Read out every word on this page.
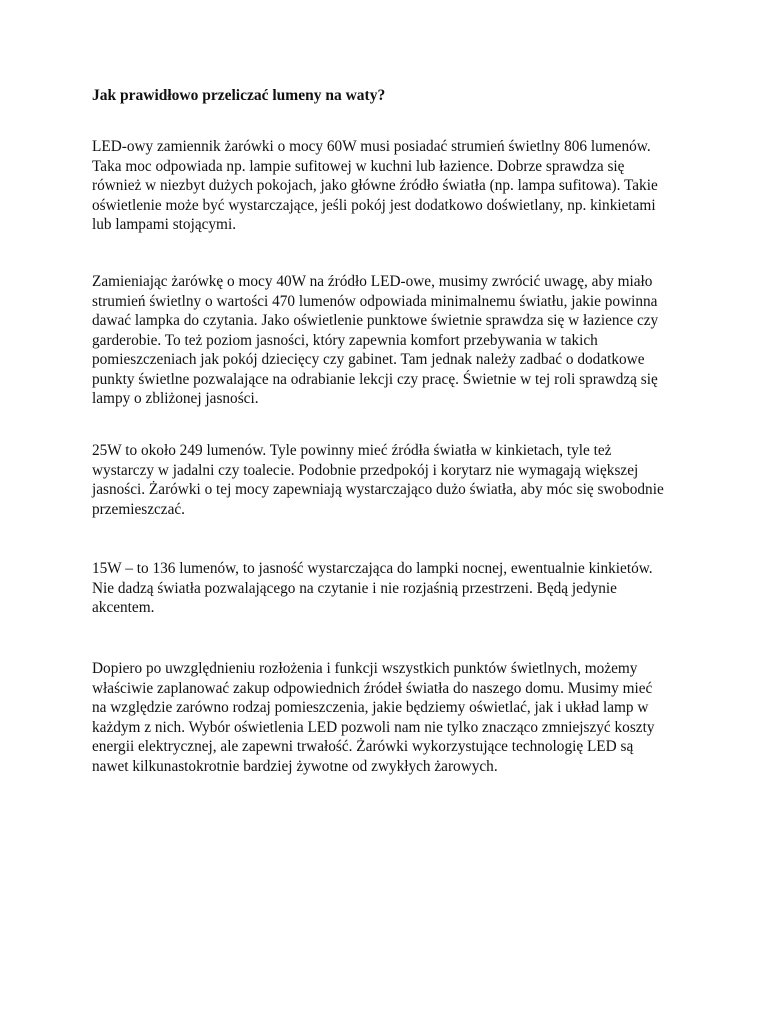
Jak prawidłowo przeliczać lumeny na waty?

LED-owy zamiennik żarówki o mocy 60W musi posiadać strumień świetlny 806 lumenów.
Taka moc odpowiada np. lampie sufitowej w kuchni lub łazience. Dobrze sprawdza się
również w niezbyt dużych pokojach, jako główne źródło światła (np. lampa sufitowa). Takie
oświetlenie może być wystarczające, jeśli pokój jest dodatkowo doświetlany, np. kinkietami
lub lampami stojącymi.

Zamieniając żarówkę o mocy 40W na źródło LED-owe, musimy zwrócić uwagę, aby miało
strumień świetlny o wartości 470 lumenów odpowiada minimalnemu światłu, jakie powinna
dawać lampka do czytania. Jako oświetlenie punktowe świetnie sprawdza się w łazience czy
garderobie. To też poziom jasności, który zapewnia komfort przebywania w takich
pomieszczeniach jak pokój dziecięcy czy gabinet. Tam jednak należy zadbać o dodatkowe
punkty świetlne pozwalające na odrabianie lekcji czy pracę. Świetnie w tej roli sprawdzą się
lampy o zbliżonej jasności.

25W to około 249 lumenów. Tyle powinny mieć źródła światła w kinkietach, tyle też
wystarczy w jadalni czy toalecie. Podobnie przedpokój i korytarz nie wymagają większej
jasności. Żarówki o tej mocy zapewniają wystarczająco dużo światła, aby móc się swobodnie
przemieszczać.

15W – to 136 lumenów, to jasność wystarczająca do lampki nocnej, ewentualnie kinkietów.
Nie dadzą światła pozwalającego na czytanie i nie rozjaśnią przestrzeni. Będą jedynie
akcentem.

Dopiero po uwzględnieniu rozłożenia i funkcji wszystkich punktów świetlnych, możemy
właściwie zaplanować zakup odpowiednich źródeł światła do naszego domu. Musimy mieć
na względzie zarówno rodzaj pomieszczenia, jakie będziemy oświetlać, jak i układ lamp w
każdym z nich. Wybór oświetlenia LED pozwoli nam nie tylko znacząco zmniejszyć koszty
energii elektrycznej, ale zapewni trwałość. Żarówki wykorzystujące technologię LED są
nawet kilkunastokrotnie bardziej żywotne od zwykłych żarowych.
